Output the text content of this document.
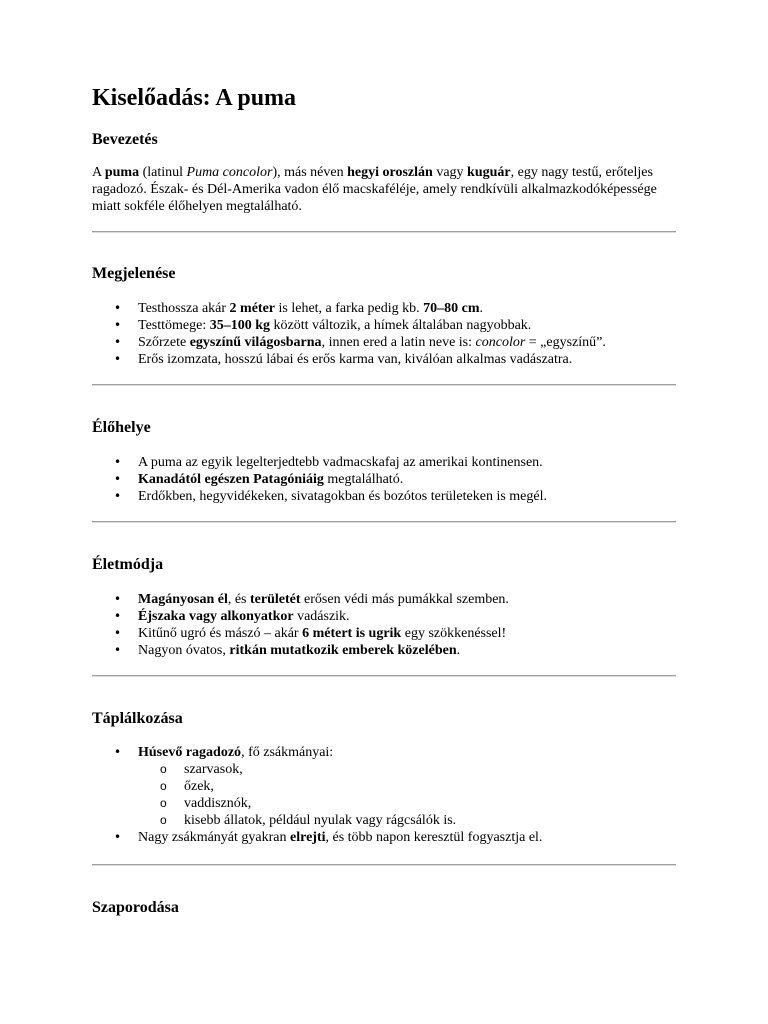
Kiselőadás: A puma
Bevezetés

A puma (latinul Puma concolor), más néven hegyi oroszlán vagy kuguár, egy nagy testű, erőteljes ragadozó. Észak- és Dél-Amerika vadon élő macskaféléje, amely rendkívüli alkalmazkodóképessége miatt sokféle élőhelyen megtalálható.

Megjelenése
• Testhossza akár 2 méter is lehet, a farka pedig kb. 70–80 cm.
• Testtömege: 35–100 kg között változik, a hímek általában nagyobbak.
• Szőrzete egyszínű világosbarna, innen ered a latin neve is: concolor = „egyszínű”.
• Erős izomzata, hosszú lábai és erős karma van, kiválóan alkalmas vadászatra.
Élőhelye
• A puma az egyik legelterjedtebb vadmacskafaj az amerikai kontinensen.
• Kanadától egészen Patagóniáig megtalálható.
• Erdőkben, hegyvidékeken, sivatagokban és bozótos területeken is megél.
Életmódja
• Magányosan él, és területét erősen védi más pumákkal szemben.
• Éjszaka vagy alkonyatkor vadászik.
• Kitűnő ugró és mászó – akár 6 métert is ugrik egy szökkenéssel!
• Nagyon óvatos, ritkán mutatkozik emberek közelében.
Táplálkozása
• Húsevő ragadozó, fő zsákmányai:
o szarvasok,
o őzek,
o vaddisznók,
o kisebb állatok, például nyulak vagy rágcsálók is.
• Nagy zsákmányát gyakran elrejti, és több napon keresztül fogyasztja el.
Szaporodása
